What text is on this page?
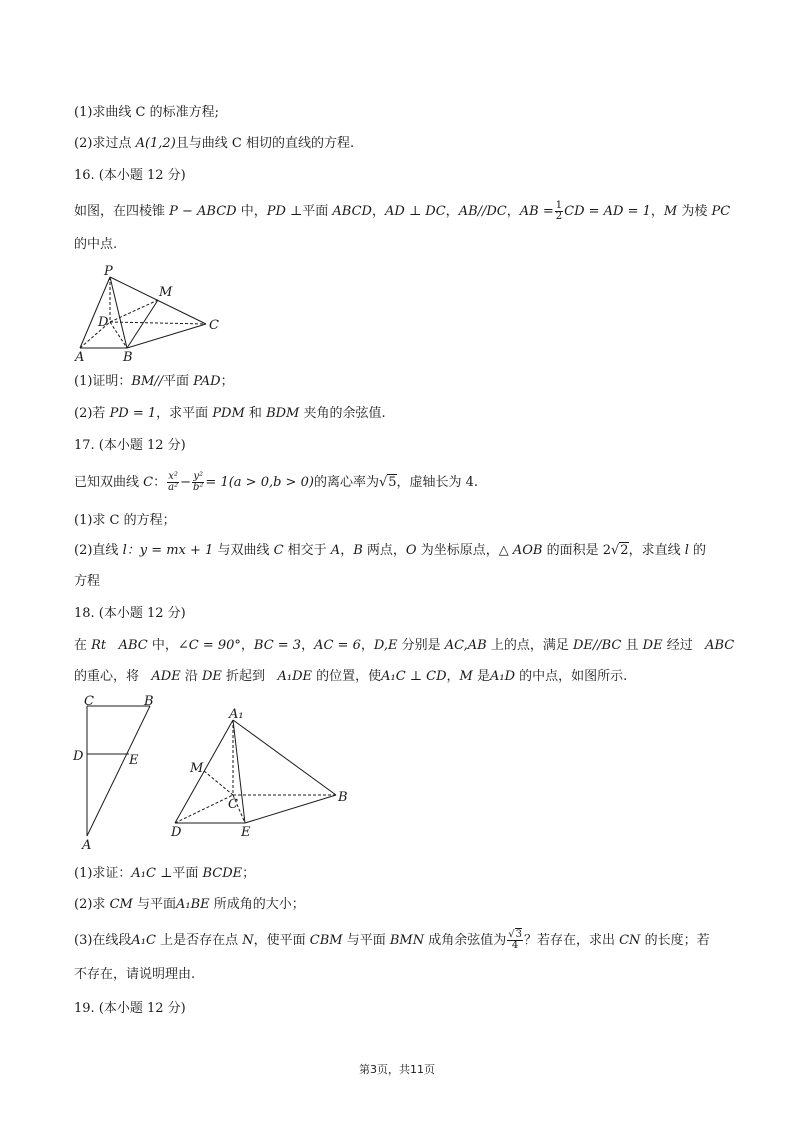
(1)求曲线 C 的标准方程;
(2)求过点 A(1,2)且与曲线 C 相切的直线的方程.
16. (本小题 12 分)
如图，在四棱锥 P − ABCD 中，PD ⊥平面 ABCD，AD ⊥ DC，AB//DC，AB = $\frac{1}{2}$ CD = AD = 1，M 为棱 PC
的中点.
P
M
D	C
A	B
(1)证明：BM//平面 PAD；
(2)若 PD = 1，求平面 PDM 和 BDM 夹角的余弦值.
17. (本小题 12 分)
已知双曲线 C： $\frac{\text{x²}}{\text{a²}} - \frac{\text{y²}}{\text{b²}} = 1(a > 0,b > 0)$的离心率为√5，虚轴长为 4.
(1)求 C 的方程；
(2)直线 l：y = mx + 1 与双曲线 C 相交于 A，B 两点，O 为坐标原点，△ AOB 的面积是 2√2，求直线 l 的
方程
18. (本小题 12 分)
在 Rt ABC 中，∠C = 90°，BC = 3，AC = 6，D,E 分别是 AC,AB 上的点，满足 DE//BC 且 DE 经过 ABC
的重心，将 ADE 沿 DE 折起到 A₁DE 的位置，使A₁C ⊥ CD，M 是A₁D 的中点，如图所示.
C	B
D	E
A
A₁
M
C	B
D	E
(1)求证：A₁C ⊥平面 BCDE；
(2)求 CM 与平面A₁BE 所成角的大小；
(3)在线段A₁C 上是否存在点 N，使平面 CBM 与平面 BMN 成角余弦值为 $\frac{√3}{4}$ ？若存在，求出 CN 的长度；若
不存在，请说明理由.
19. (本小题 12 分)
第3页，共11页
